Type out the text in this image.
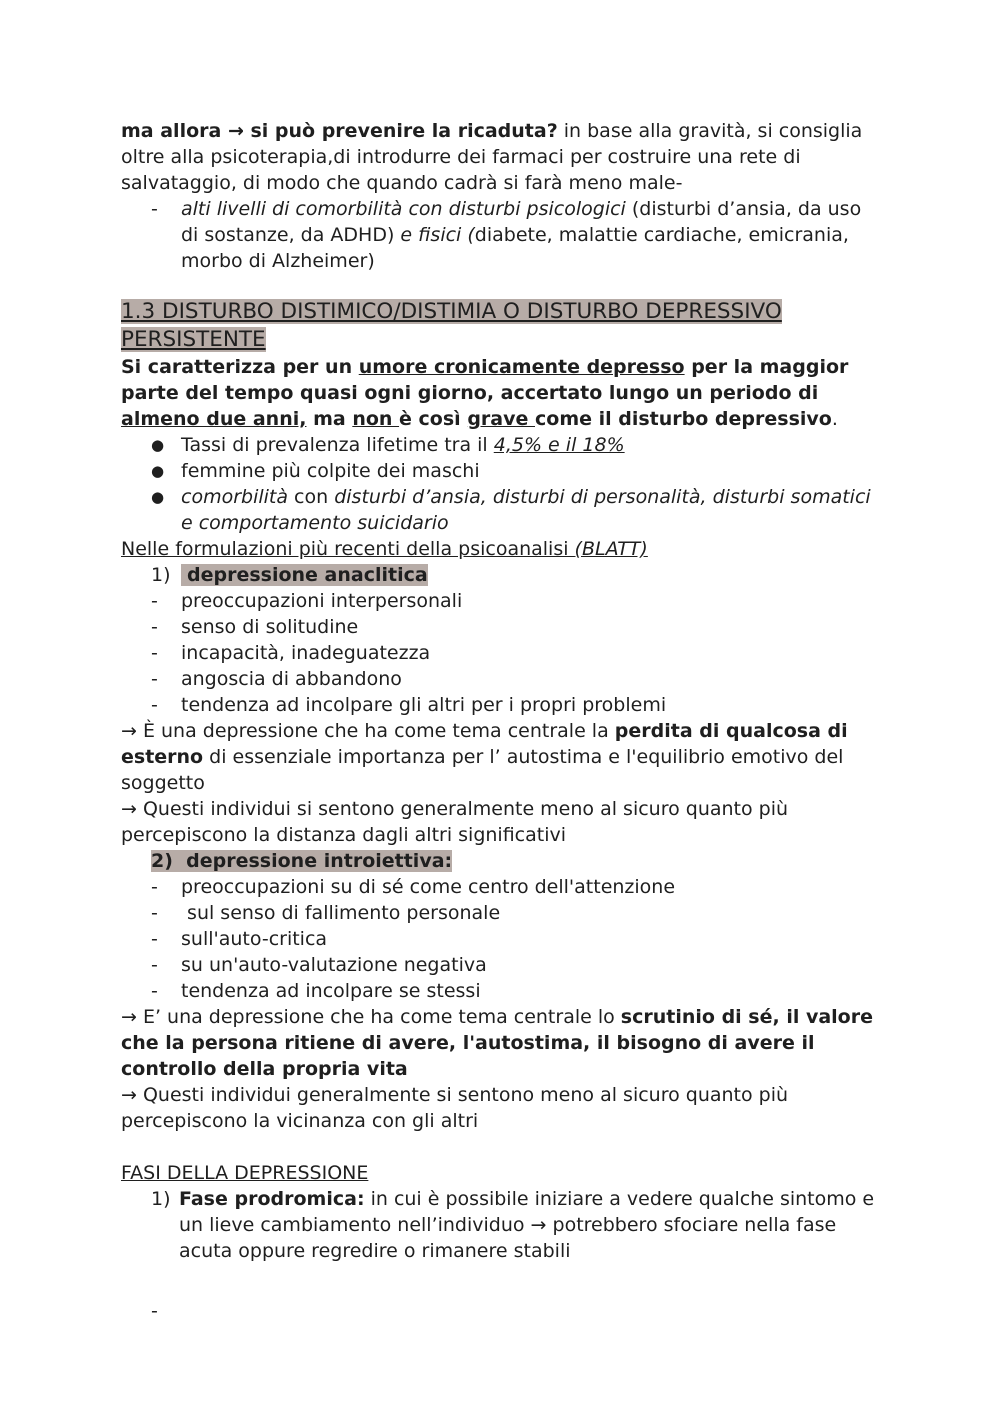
ma allora → si può prevenire la ricaduta? in base alla gravità, si consiglia oltre alla psicoterapia,di introdurre dei farmaci per costruire una rete di salvataggio, di modo che quando cadrà si farà meno male-

-	alti livelli di comorbilità con disturbi psicologici (disturbi d’ansia, da uso di sostanze, da ADHD) e fisici (diabete, malattie cardiache, emicrania, morbo di Alzheimer)

1.3 DISTURBO DISTIMICO/DISTIMIA O DISTURBO DEPRESSIVO PERSISTENTE

Si caratterizza per un umore cronicamente depresso per la maggior parte del tempo quasi ogni giorno, accertato lungo un periodo di almeno due anni, ma non è così grave come il disturbo depressivo.

● Tassi di prevalenza lifetime tra il 4,5% e il 18%
● femmine più colpite dei maschi
● comorbilità con disturbi d’ansia, disturbi di personalità, disturbi somatici e comportamento suicidario

Nelle formulazioni più recenti della psicoanalisi (BLATT)

1) depressione anaclitica
-	preoccupazioni interpersonali
-	senso di solitudine
-	incapacità, inadeguatezza
-	angoscia di abbandono
-	tendenza ad incolpare gli altri per i propri problemi

→ È una depressione che ha come tema centrale la perdita di qualcosa di esterno di essenziale importanza per l’ autostima e l'equilibrio emotivo del soggetto

→ Questi individui si sentono generalmente meno al sicuro quanto più percepiscono la distanza dagli altri significativi

2) depressione introiettiva:
-	preoccupazioni su di sé come centro dell'attenzione
-	sul senso di fallimento personale
-	sull'auto-critica
-	su un'auto-valutazione negativa
-	tendenza ad incolpare se stessi

→ E’ una depressione che ha come tema centrale lo scrutinio di sé, il valore che la persona ritiene di avere, l'autostima, il bisogno di avere il controllo della propria vita

→ Questi individui generalmente si sentono meno al sicuro quanto più percepiscono la vicinanza con gli altri

FASI DELLA DEPRESSIONE

1) Fase prodromica: in cui è possibile iniziare a vedere qualche sintomo e un lieve cambiamento nell’individuo → potrebbero sfociare nella fase acuta oppure regredire o rimanere stabili
-
